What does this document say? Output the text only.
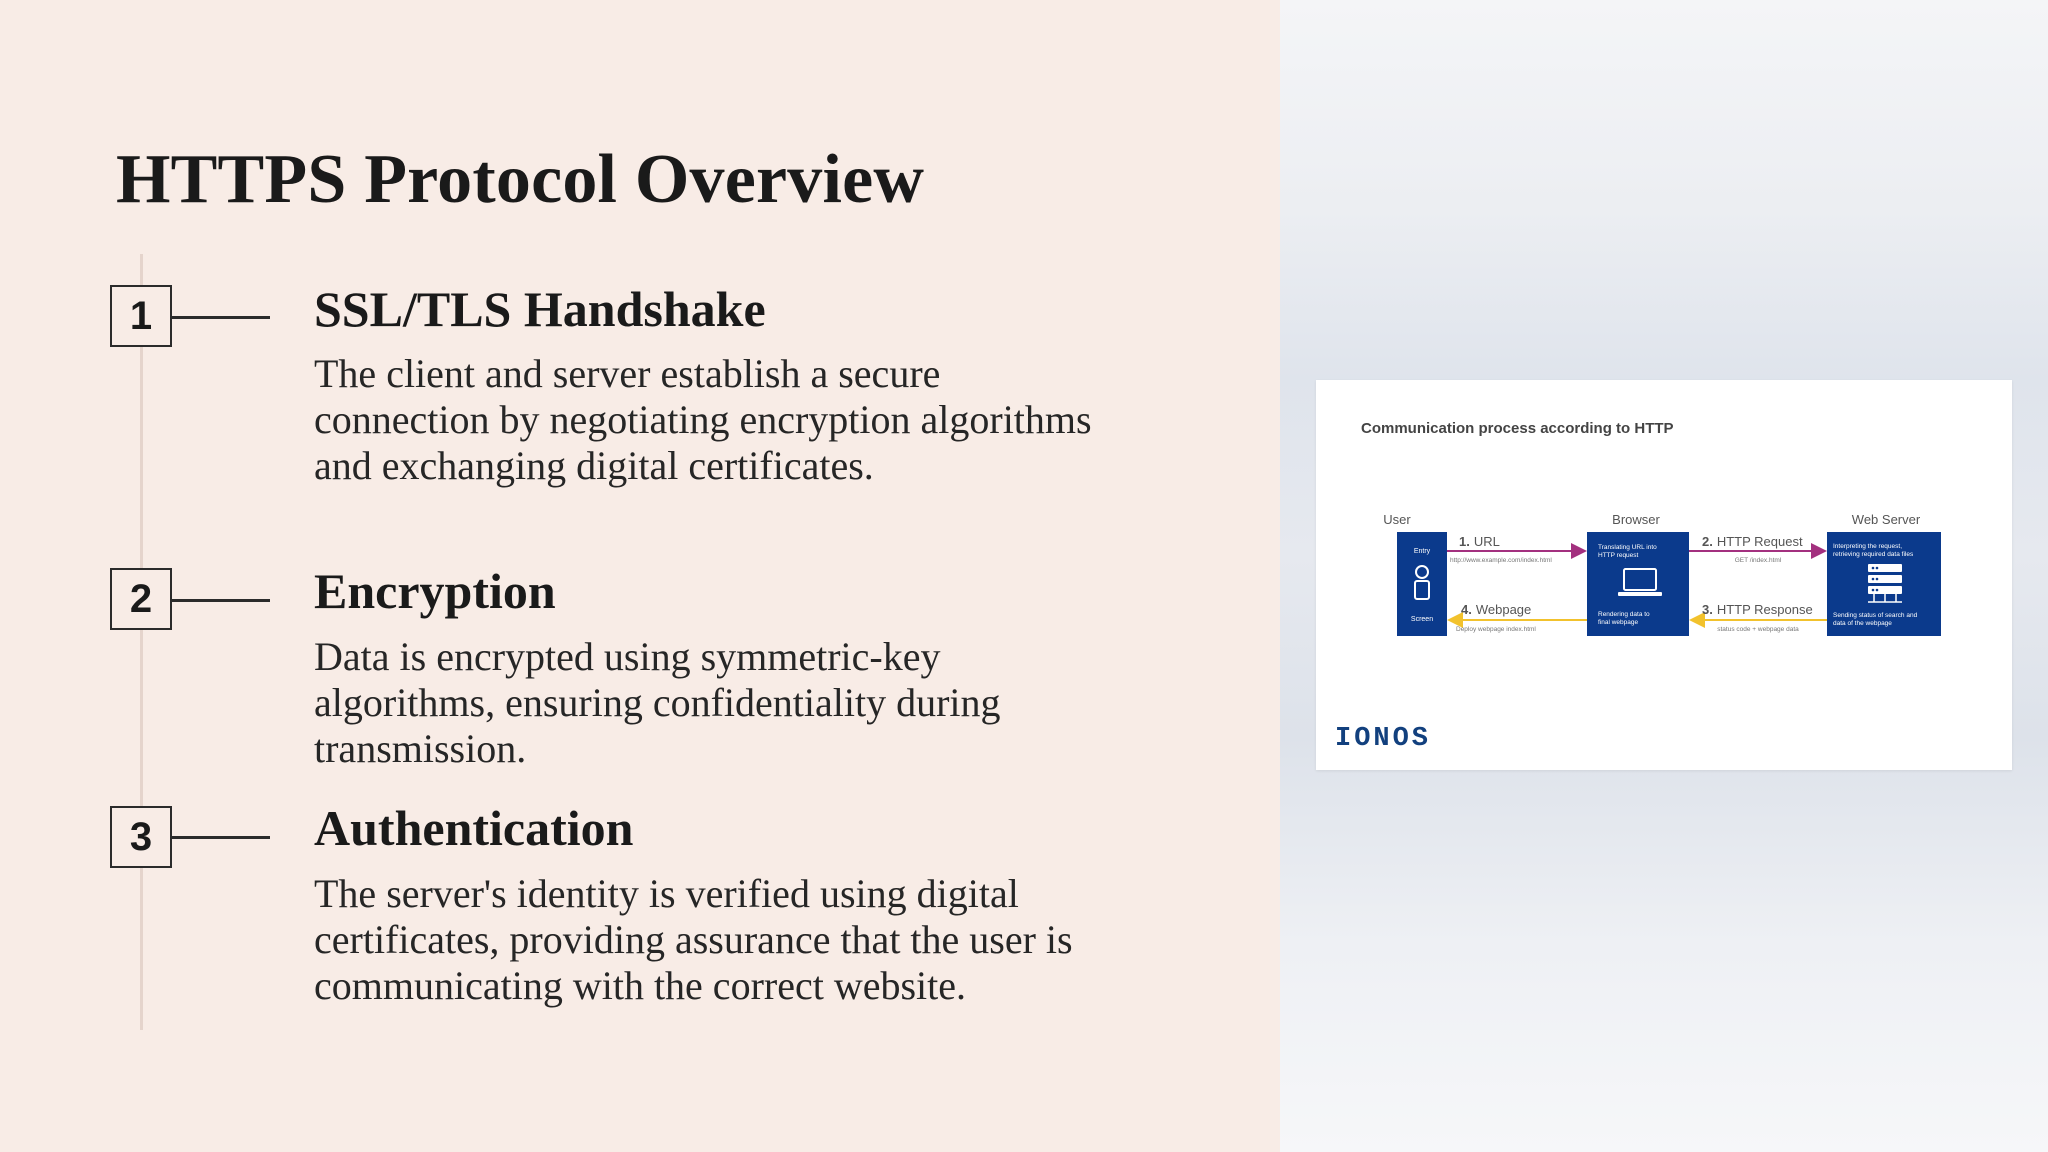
HTTPS Protocol Overview
1	SSL/TLS Handshake
The client and server establish a secure
connection by negotiating encryption algorithms
and exchanging digital certificates.
2	Encryption
Data is encrypted using symmetric-key
algorithms, ensuring confidentiality during
transmission.
3	Authentication
The server's identity is verified using digital
certificates, providing assurance that the user is
communicating with the correct website.

Communication process according to HTTP

User	Browser	Web Server
Entry
Screen
Translating URL into
HTTP request
Rendering data to
final webpage
Interpreting the request,
retrieving required data files
Sending status of search and
data of the webpage
1. URL
http://www.example.com/index.html
2. HTTP Request
GET /index.html
3. HTTP Response
status code + webpage data
4. Webpage
Deploy webpage index.html
IONOS
